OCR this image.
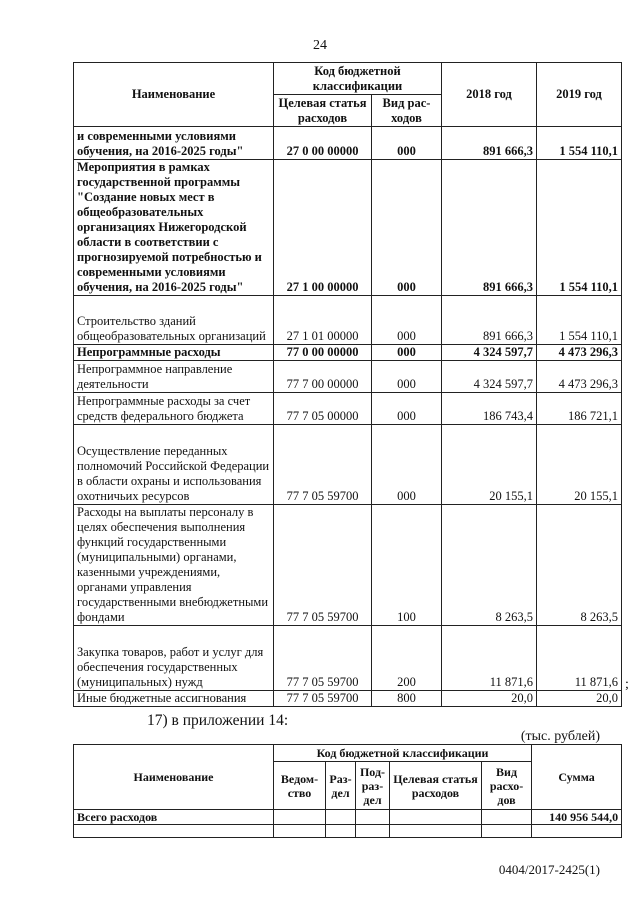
24
Наименование	Код бюджетной классификации		2018 год	2019 год
	Целевая статья расходов	Вид рас-ходов		
и современными условиями обучения, на 2016-2025 годы"	27 0 00 00000	000	891 666,3	1 554 110,1
Мероприятия в рамках государственной программы "Создание новых мест в общеобразовательных организациях Нижегородской области в соответствии с прогнозируемой потребностью и современными условиями обучения, на 2016-2025 годы"	27 1 00 00000	000	891 666,3	1 554 110,1
Строительство зданий общеобразовательных организаций	27 1 01 00000	000	891 666,3	1 554 110,1
Непрограммные расходы	77 0 00 00000	000	4 324 597,7	4 473 296,3
Непрограммное направление деятельности	77 7 00 00000	000	4 324 597,7	4 473 296,3
Непрограммные расходы за счет средств федерального бюджета	77 7 05 00000	000	186 743,4	186 721,1
Осуществление переданных полномочий Российской Федерации в области охраны и использования охотничьих ресурсов	77 7 05 59700	000	20 155,1	20 155,1
Расходы на выплаты персоналу в целях обеспечения выполнения функций государственными (муниципальными) органами, казенными учреждениями, органами управления государственными внебюджетными фондами	77 7 05 59700	100	8 263,5	8 263,5
Закупка товаров, работ и услуг для обеспечения государственных (муниципальных) нужд	77 7 05 59700	200	11 871,6	11 871,6
Иные бюджетные ассигнования	77 7 05 59700	800	20,0	20,0
;
17) в приложении 14:
(тыс. рублей)
Наименование	Код бюджетной классификации					Сумма
	Ведом-ство	Раз-дел	Под-раз-дел	Целевая статья расходов	Вид расхо-дов	
Всего расходов						140 956 544,0

0404/2017-2425(1)
